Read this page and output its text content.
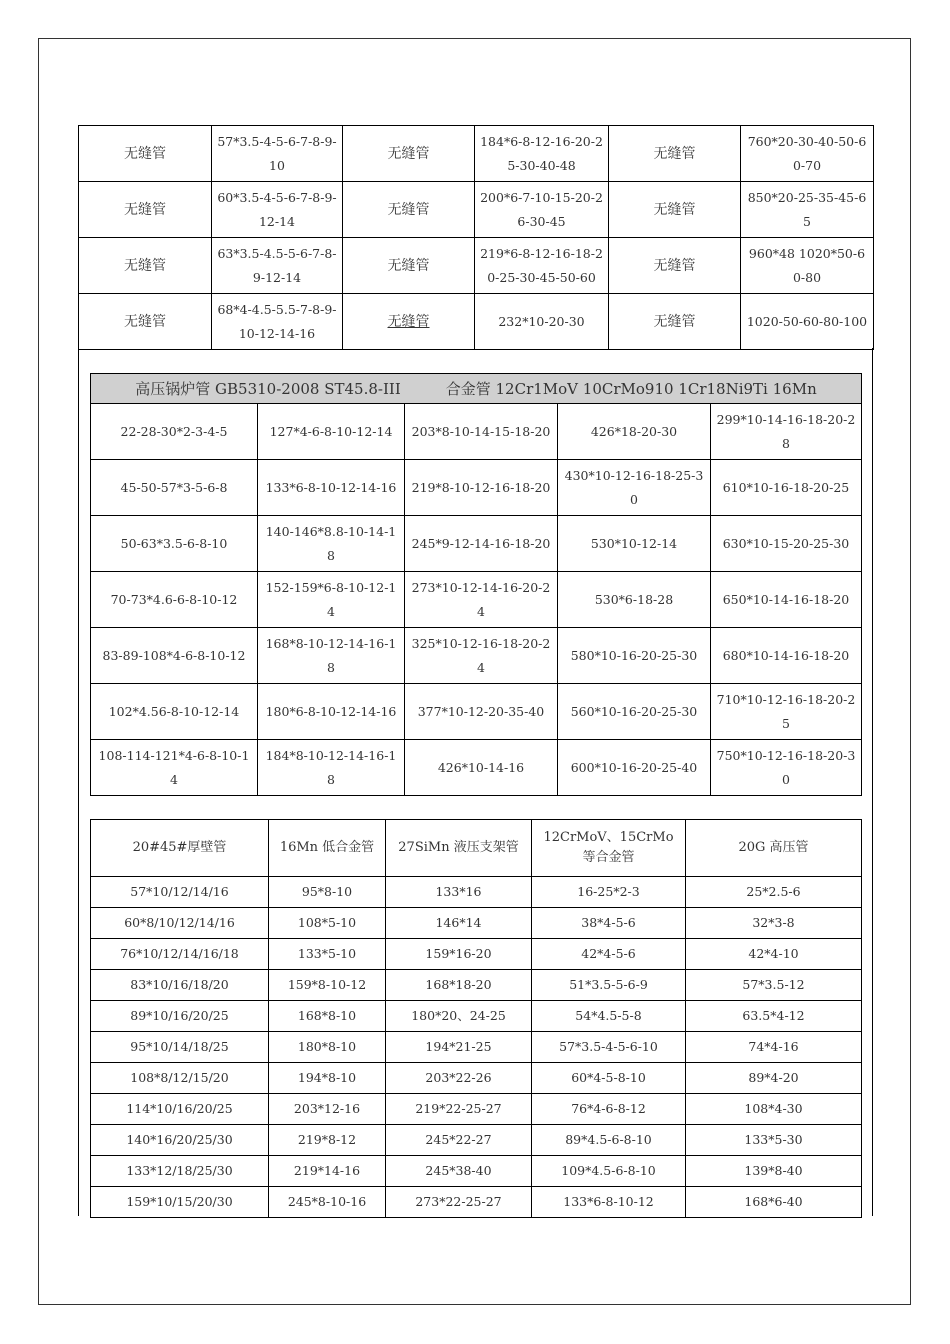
无缝管	57*3.5-4-5-6-7-8-9-10	无缝管	184*6-8-12-16-20-25-30-40-48	无缝管	760*20-30-40-50-60-70
无缝管	60*3.5-4-5-6-7-8-9-12-14	无缝管	200*6-7-10-15-20-26-30-45	无缝管	850*20-25-35-45-65
无缝管	63*3.5-4.5-5-6-7-8-9-12-14	无缝管	219*6-8-12-16-18-20-25-30-45-50-60	无缝管	960*48 1020*50-60-80
无缝管	68*4-4.5-5.5-7-8-9-10-12-14-16	无缝管	232*10-20-30	无缝管	1020-50-60-80-100
高压锅炉管 GB5310-2008 ST45.8-III　　　合金管 12Cr1MoV 10CrMo910 1Cr18Ni9Ti 16Mn				
22-28-30*2-3-4-5	127*4-6-8-10-12-14	203*8-10-14-15-18-20	426*18-20-30	299*10-14-16-18-20-28
45-50-57*3-5-6-8	133*6-8-10-12-14-16	219*8-10-12-16-18-20	430*10-12-16-18-25-30	610*10-16-18-20-25
50-63*3.5-6-8-10	140-146*8.8-10-14-18	245*9-12-14-16-18-20	530*10-12-14	630*10-15-20-25-30
70-73*4.6-6-8-10-12	152-159*6-8-10-12-14	273*10-12-14-16-20-24	530*6-18-28	650*10-14-16-18-20
83-89-108*4-6-8-10-12	168*8-10-12-14-16-18	325*10-12-16-18-20-24	580*10-16-20-25-30	680*10-14-16-18-20
102*4.56-8-10-12-14	180*6-8-10-12-14-16	377*10-12-20-35-40	560*10-16-20-25-30	710*10-12-16-18-20-25
108-114-121*4-6-8-10-14	184*8-10-12-14-16-18	426*10-14-16	600*10-16-20-25-40	750*10-12-16-18-20-30
20#45#厚壁管	16Mn 低合金管	27SiMn 液压支架管	12CrMoV、15CrMo 等合金管	20G 高压管
57*10/12/14/16	95*8-10	133*16	16-25*2-3	25*2.5-6
60*8/10/12/14/16	108*5-10	146*14	38*4-5-6	32*3-8
76*10/12/14/16/18	133*5-10	159*16-20	42*4-5-6	42*4-10
83*10/16/18/20	159*8-10-12	168*18-20	51*3.5-5-6-9	57*3.5-12
89*10/16/20/25	168*8-10	180*20、24-25	54*4.5-5-8	63.5*4-12
95*10/14/18/25	180*8-10	194*21-25	57*3.5-4-5-6-10	74*4-16
108*8/12/15/20	194*8-10	203*22-26	60*4-5-8-10	89*4-20
114*10/16/20/25	203*12-16	219*22-25-27	76*4-6-8-12	108*4-30
140*16/20/25/30	219*8-12	245*22-27	89*4.5-6-8-10	133*5-30
133*12/18/25/30	219*14-16	245*38-40	109*4.5-6-8-10	139*8-40
159*10/15/20/30	245*8-10-16	273*22-25-27	133*6-8-10-12	168*6-40
